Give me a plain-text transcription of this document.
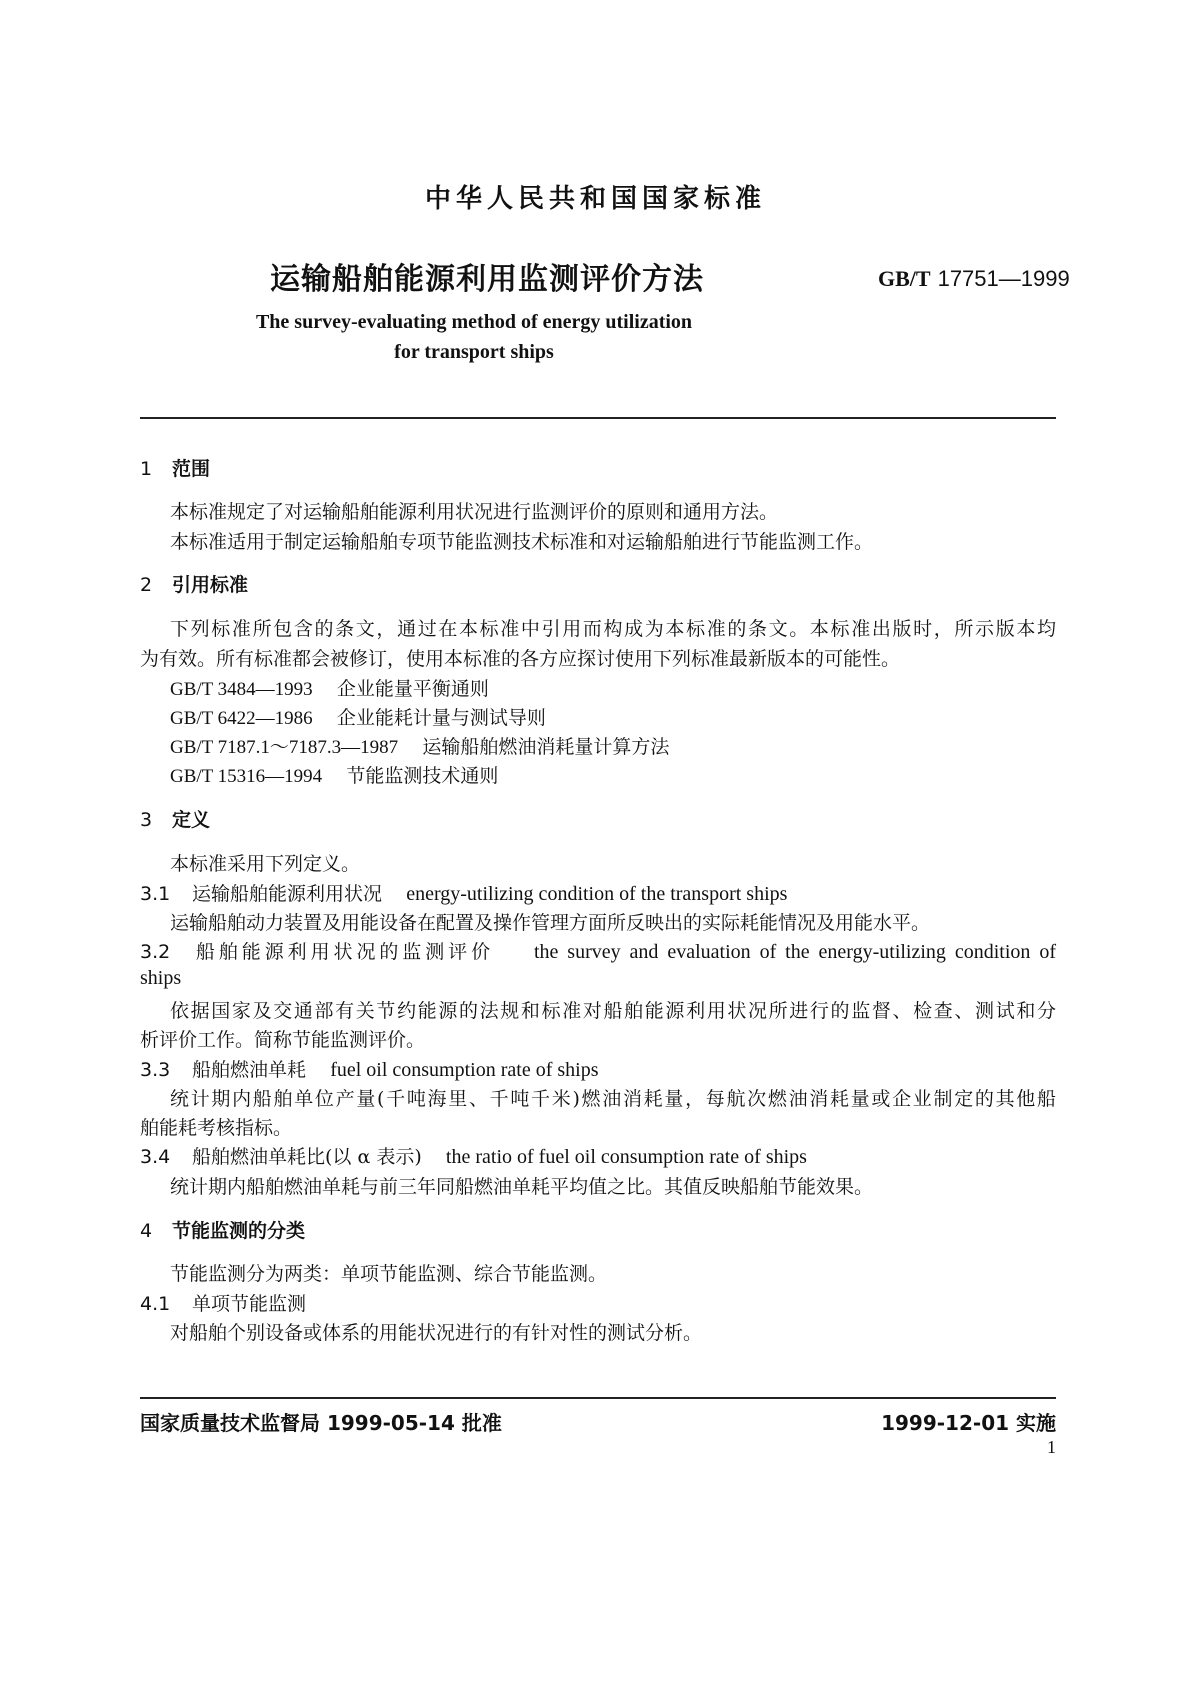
中华人民共和国国家标准
运输船舶能源利用监测评价方法	GB/T 17751—1999
The survey-evaluating method of energy utilization
for transport ships
1 范围
本标准规定了对运输船舶能源利用状况进行监测评价的原则和通用方法。
本标准适用于制定运输船舶专项节能监测技术标准和对运输船舶进行节能监测工作。
2 引用标准
下列标准所包含的条文，通过在本标准中引用而构成为本标准的条文。本标准出版时，所示版本均
为有效。所有标准都会被修订，使用本标准的各方应探讨使用下列标准最新版本的可能性。
GB/T 3484—1993 企业能量平衡通则
GB/T 6422—1986 企业能耗计量与测试导则
GB/T 7187.1～7187.3—1987 运输船舶燃油消耗量计算方法
GB/T 15316—1994 节能监测技术通则
3 定义
本标准采用下列定义。
3.1 运输船舶能源利用状况 energy-utilizing condition of the transport ships
运输船舶动力装置及用能设备在配置及操作管理方面所反映出的实际耗能情况及用能水平。
3.2 船舶能源利用状况的监测评价 the survey and evaluation of the energy-utilizing condition of
ships
依据国家及交通部有关节约能源的法规和标准对船舶能源利用状况所进行的监督、检查、测试和分
析评价工作。简称节能监测评价。
3.3 船舶燃油单耗 fuel oil consumption rate of ships
统计期内船舶单位产量(千吨海里、千吨千米)燃油消耗量，每航次燃油消耗量或企业制定的其他船
舶能耗考核指标。
3.4 船舶燃油单耗比(以 α 表示) the ratio of fuel oil consumption rate of ships
统计期内船舶燃油单耗与前三年同船燃油单耗平均值之比。其值反映船舶节能效果。
4 节能监测的分类
节能监测分为两类：单项节能监测、综合节能监测。
4.1 单项节能监测
对船舶个别设备或体系的用能状况进行的有针对性的测试分析。
国家质量技术监督局 1999-05-14 批准	1999-12-01 实施
1
